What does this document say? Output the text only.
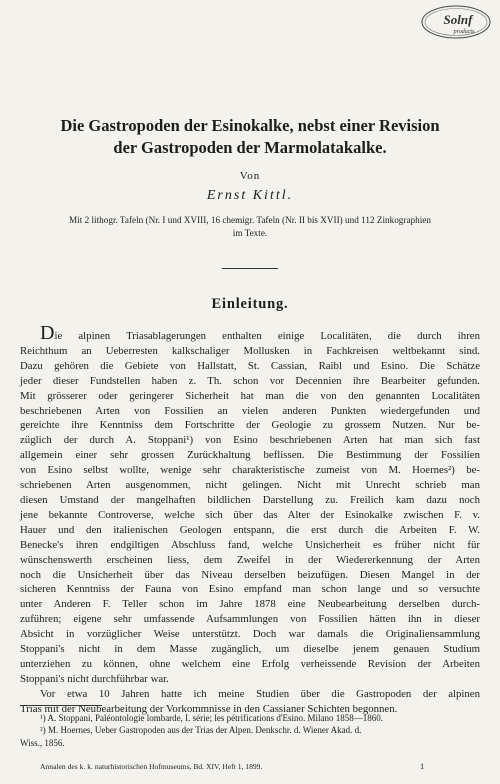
Solnf
products
Die Gastropoden der Esinokalke, nebst einer Revision
der Gastropoden der Marmolatakalke.

Von

Ernst Kittl.

Mit 2 lithogr. Tafeln (Nr. I und XVIII, 16 chemigr. Tafeln (Nr. II bis XVII) und 112 Zinkographien
im Texte.

Einleitung.
Die alpinen Triasablagerungen enthalten einige Localitäten, die durch ihren
Reichthum an Ueberresten kalkschaliger Mollusken in Fachkreisen weltbekannt sind.
Dazu gehören die Gebiete von Hallstatt, St. Cassian, Raibl und Esino. Die Schätze
jeder dieser Fundstellen haben z. Th. schon vor Decennien ihre Bearbeiter gefunden.
Mit grösserer oder geringerer Sicherheit hat man die von den genannten Localitäten
beschriebenen Arten von Fossilien an vielen anderen Punkten wiedergefunden und
gereichte ihre Kenntniss dem Fortschritte der Geologie zu grossem Nutzen. Nur be-
züglich der durch A. Stoppani¹) von Esino beschriebenen Arten hat man sich fast
allgemein einer sehr grossen Zurückhaltung beflissen. Die Bestimmung der Fossilien
von Esino selbst wollte, wenige sehr charakteristische zumeist von M. Hoernes²) be-
schriebenen Arten ausgenommen, nicht gelingen. Nicht mit Unrecht schrieb man
diesen Umstand der mangelhaften bildlichen Darstellung zu. Freilich kam dazu noch
jene bekannte Controverse, welche sich über das Alter der Esinokalke zwischen F. v.
Hauer und den italienischen Geologen entspann, die erst durch die Arbeiten F. W.
Benecke's ihren endgiltigen Abschluss fand, welche Unsicherheit es früher nicht für
wünschenswerth erscheinen liess, dem Zweifel in der Wiedererkennung der Arten
noch die Unsicherheit über das Niveau derselben beizufügen. Diesen Mangel in der
sicheren Kenntniss der Fauna von Esino empfand man schon lange und so versuchte
unter Anderen F. Teller schon im Jahre 1878 eine Neubearbeitung derselben durch-
zuführen; eigene sehr umfassende Aufsammlungen von Fossilien hätten ihn in dieser
Absicht in vorzüglicher Weise unterstützt. Doch war damals die Originaliensammlung
Stoppani's nicht in dem Masse zugänglich, um dieselbe jenem genauen Studium
unterziehen zu können, ohne welchem eine Erfolg verheissende Revision der Arbeiten
Stoppani's nicht durchführbar war.
Vor etwa 10 Jahren hatte ich meine Studien über die Gastropoden der alpinen
Trias mit der Neubearbeitung der Vorkommnisse in den Cassianer Schichten begonnen.
¹) A. Stoppani, Paléontologie lombarde, I. série; les pétrifications d'Esino. Milano 1858—1860.
²) M. Hoernes, Ueber Gastropoden aus der Trias der Alpen. Denkschr. d. Wiener Akad. d.
Wiss., 1856.

Annalen des k. k. naturhistorischen Hofmuseums, Bd. XIV, Heft 1, 1899.	1
